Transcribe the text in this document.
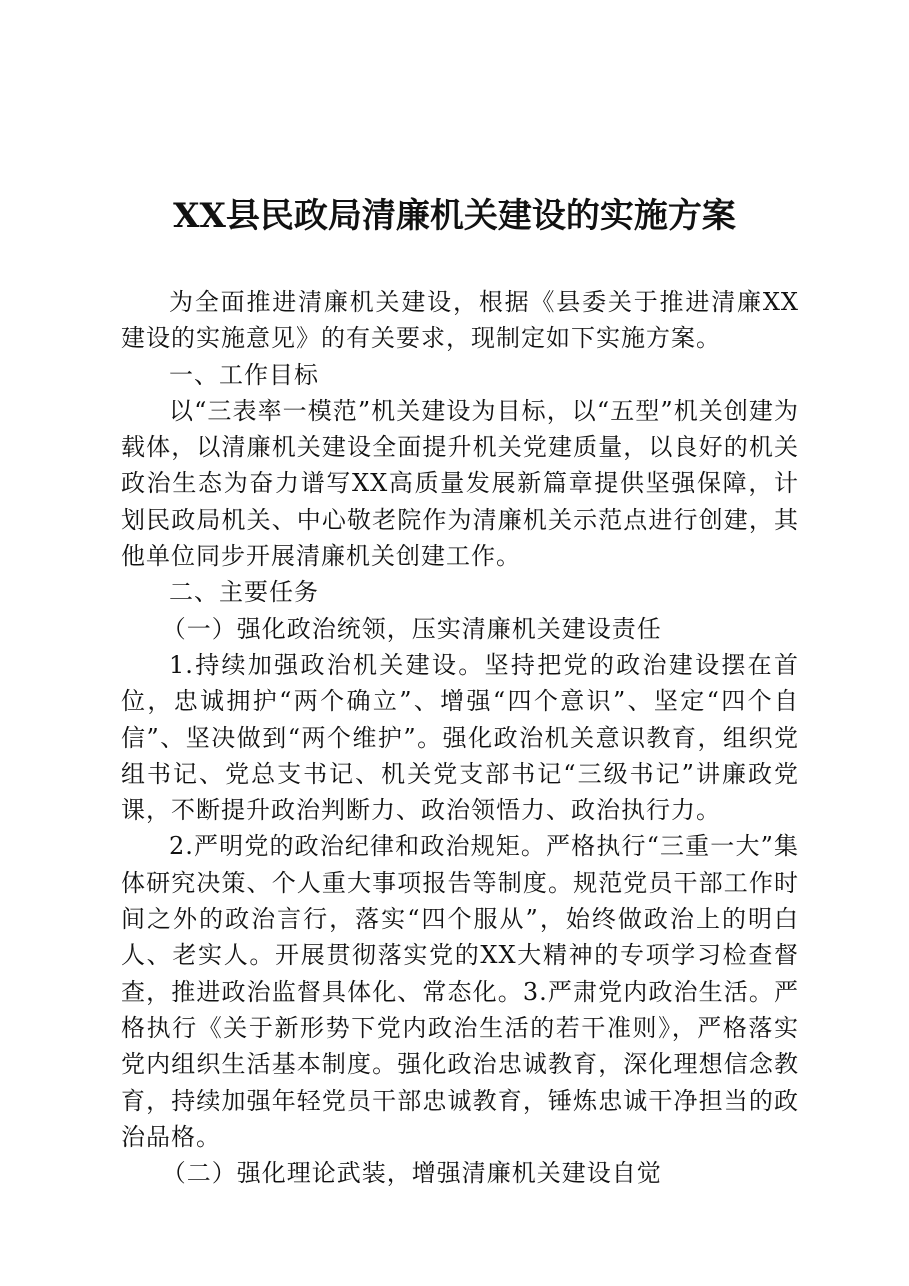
XX县民政局清廉机关建设的实施方案

为全面推进清廉机关建设，根据《县委关于推进清廉XX建设的实施意见》的有关要求，现制定如下实施方案。

一、工作目标

以“三表率一模范”机关建设为目标，以“五型”机关创建为载体，以清廉机关建设全面提升机关党建质量，以良好的机关政治生态为奋力谱写XX高质量发展新篇章提供坚强保障，计划民政局机关、中心敬老院作为清廉机关示范点进行创建，其他单位同步开展清廉机关创建工作。

二、主要任务

（一）强化政治统领，压实清廉机关建设责任

1.持续加强政治机关建设。坚持把党的政治建设摆在首位，忠诚拥护“两个确立”、增强“四个意识”、坚定“四个自信”、坚决做到“两个维护”。强化政治机关意识教育，组织党组书记、党总支书记、机关党支部书记“三级书记”讲廉政党课，不断提升政治判断力、政治领悟力、政治执行力。

2.严明党的政治纪律和政治规矩。严格执行“三重一大”集体研究决策、个人重大事项报告等制度。规范党员干部工作时间之外的政治言行，落实“四个服从”，始终做政治上的明白人、老实人。开展贯彻落实党的XX大精神的专项学习检查督查，推进政治监督具体化、常态化。3.严肃党内政治生活。严格执行《关于新形势下党内政治生活的若干准则》，严格落实党内组织生活基本制度。强化政治忠诚教育，深化理想信念教育，持续加强年轻党员干部忠诚教育，锤炼忠诚干净担当的政治品格。

（二）强化理论武装，增强清廉机关建设自觉
